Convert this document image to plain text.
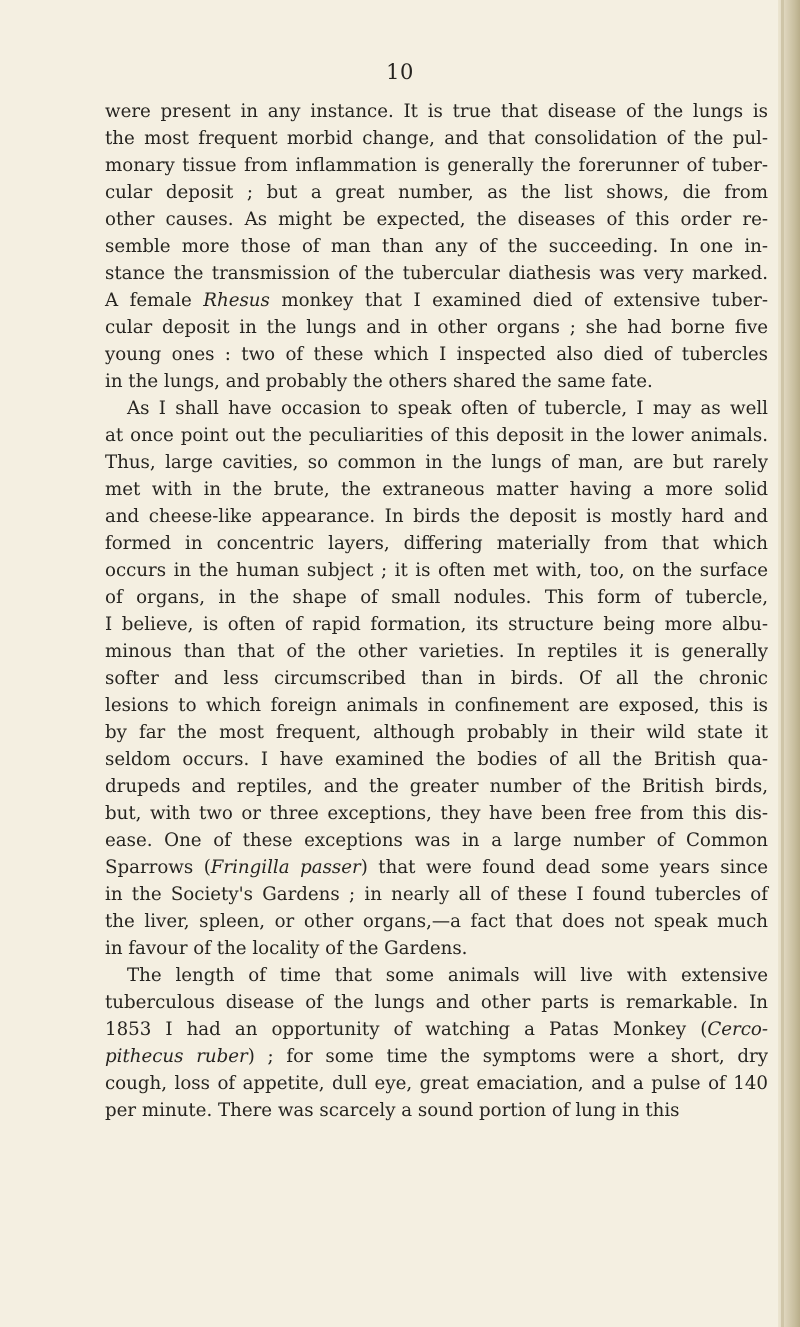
10
were present in any instance. It is true that disease of the lungs is
the most frequent morbid change, and that consolidation of the pul-
monary tissue from inflammation is generally the forerunner of tuber-
cular deposit ; but a great number, as the list shows, die from
other causes. As might be expected, the diseases of this order re-
semble more those of man than any of the succeeding. In one in-
stance the transmission of the tubercular diathesis was very marked.
A female Rhesus monkey that I examined died of extensive tuber-
cular deposit in the lungs and in other organs ; she had borne five
young ones : two of these which I inspected also died of tubercles
in the lungs, and probably the others shared the same fate.
As I shall have occasion to speak often of tubercle, I may as well
at once point out the peculiarities of this deposit in the lower animals.
Thus, large cavities, so common in the lungs of man, are but rarely
met with in the brute, the extraneous matter having a more solid
and cheese-like appearance. In birds the deposit is mostly hard and
formed in concentric layers, differing materially from that which
occurs in the human subject ; it is often met with, too, on the surface
of organs, in the shape of small nodules. This form of tubercle,
I believe, is often of rapid formation, its structure being more albu-
minous than that of the other varieties. In reptiles it is generally
softer and less circumscribed than in birds. Of all the chronic
lesions to which foreign animals in confinement are exposed, this is
by far the most frequent, although probably in their wild state it
seldom occurs. I have examined the bodies of all the British qua-
drupeds and reptiles, and the greater number of the British birds,
but, with two or three exceptions, they have been free from this dis-
ease. One of these exceptions was in a large number of Common
Sparrows (Fringilla passer) that were found dead some years since
in the Society's Gardens ; in nearly all of these I found tubercles of
the liver, spleen, or other organs,—a fact that does not speak much
in favour of the locality of the Gardens.
The length of time that some animals will live with extensive
tuberculous disease of the lungs and other parts is remarkable. In
1853 I had an opportunity of watching a Patas Monkey (Cerco-
pithecus ruber) ; for some time the symptoms were a short, dry
cough, loss of appetite, dull eye, great emaciation, and a pulse of 140
per minute. There was scarcely a sound portion of lung in this
